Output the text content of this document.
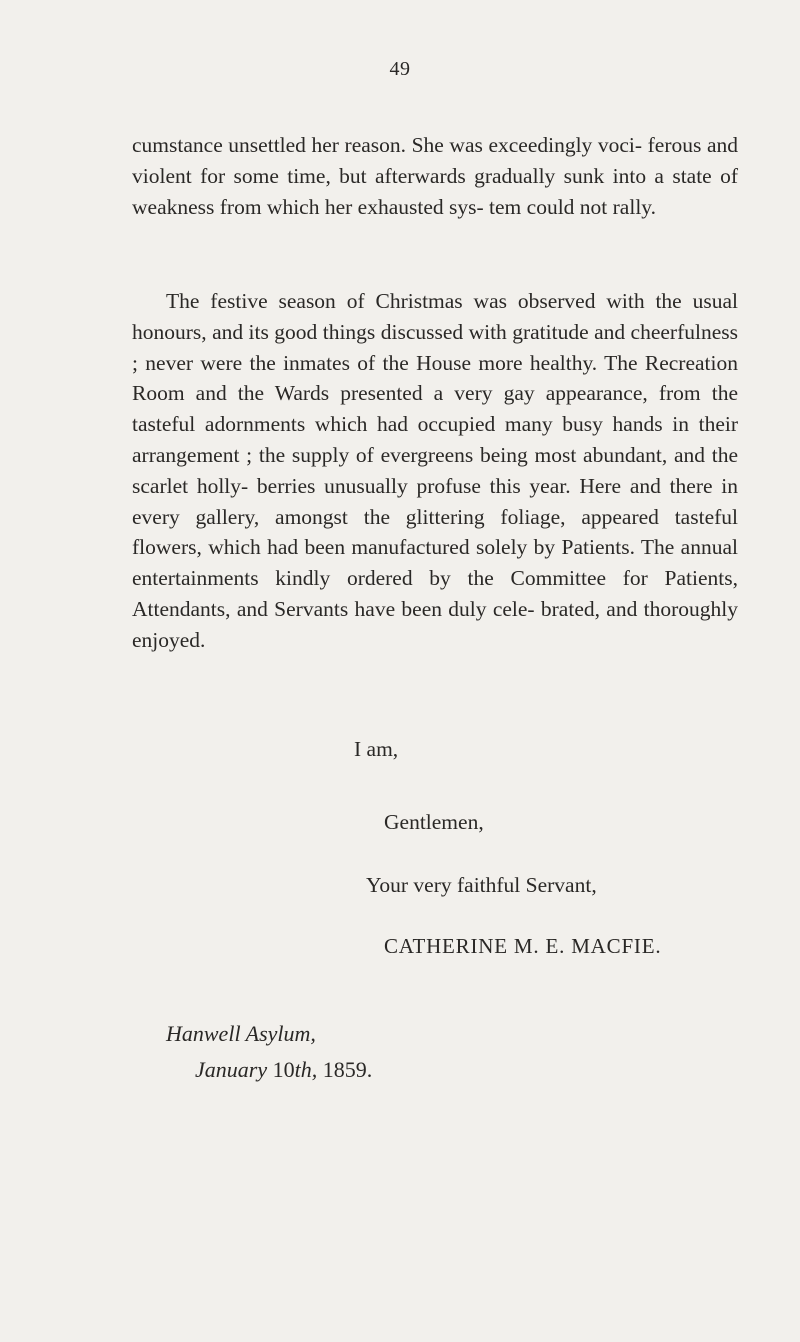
49

cumstance unsettled her reason. She was exceedingly voci- ferous and violent for some time, but afterwards gradually sunk into a state of weakness from which her exhausted sys- tem could not rally.

The festive season of Christmas was observed with the usual honours, and its good things discussed with gratitude and cheerfulness ; never were the inmates of the House more healthy. The Recreation Room and the Wards presented a very gay appearance, from the tasteful adornments which had occupied many busy hands in their arrangement ; the supply of evergreens being most abundant, and the scarlet holly- berries unusually profuse this year. Here and there in every gallery, amongst the glittering foliage, appeared tasteful flowers, which had been manufactured solely by Patients. The annual entertainments kindly ordered by the Committee for Patients, Attendants, and Servants have been duly cele- brated, and thoroughly enjoyed.

I am,
Gentlemen,
Your very faithful Servant,
CATHERINE M. E. MACFIE.
Hanwell Asylum,
January 10th, 1859.
